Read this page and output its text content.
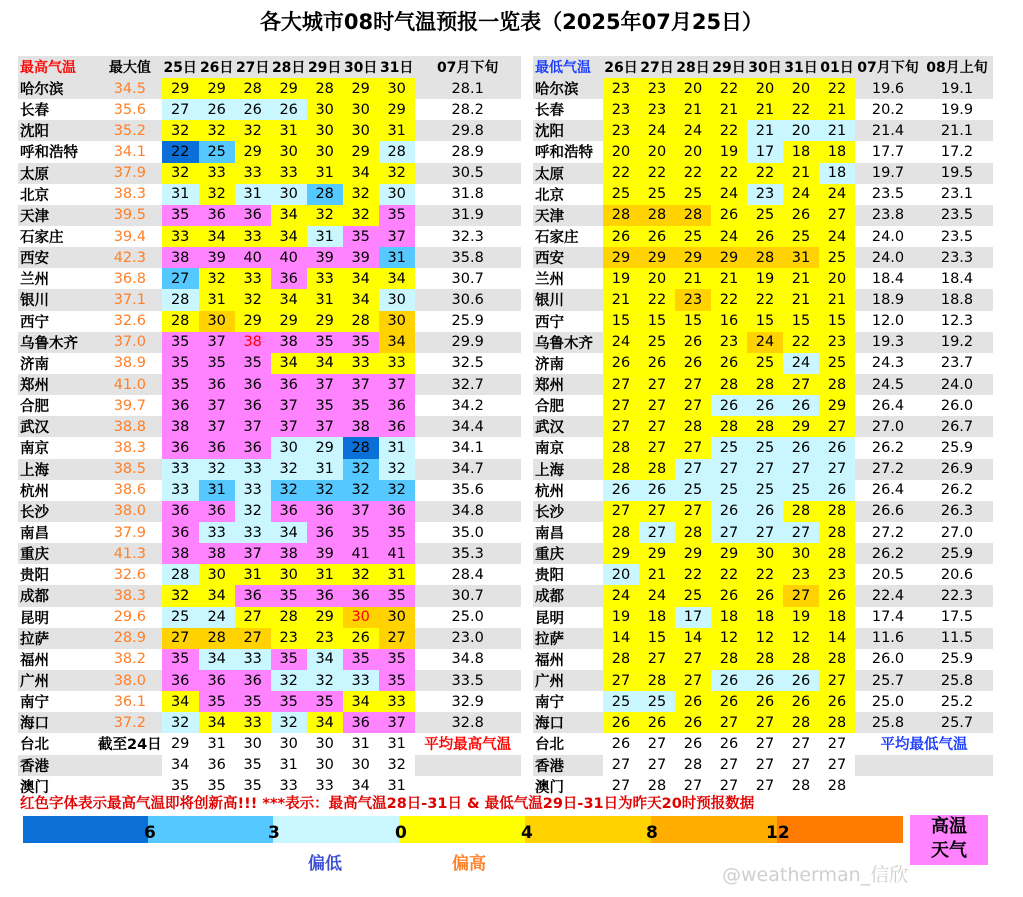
各大城市08时气温预报一览表（2025年07月25日）
最高气温	最大值	25日	26日	27日	28日	29日	30日	31日	07月下旬
哈尔滨	34.5	29	29	28	29	28	29	30	28.1
长春	35.6	27	26	26	26	30	30	29	28.2
沈阳	35.2	32	32	32	31	30	30	31	29.8
呼和浩特	34.1	22	25	29	30	30	29	28	28.9
太原	37.9	32	33	33	33	31	34	32	30.5
北京	38.3	31	32	31	30	28	32	30	31.8
天津	39.5	35	36	36	34	32	32	35	31.9
石家庄	39.4	33	34	33	34	31	35	37	32.3
西安	42.3	38	39	40	40	39	39	31	35.8
兰州	36.8	27	32	33	36	33	34	34	30.7
银川	37.1	28	31	32	34	31	34	30	30.6
西宁	32.6	28	30	29	29	29	28	30	25.9
乌鲁木齐	37.0	35	37	38	38	35	35	34	29.9
济南	38.9	35	35	35	34	34	33	33	32.5
郑州	41.0	35	36	36	36	37	37	37	32.7
合肥	39.7	36	37	36	37	35	35	36	34.2
武汉	38.8	38	37	37	37	37	38	36	34.4
南京	38.3	36	36	36	30	29	28	31	34.1
上海	38.5	33	32	33	32	31	32	32	34.7
杭州	38.6	33	31	33	32	32	32	32	35.6
长沙	38.0	36	36	32	36	36	37	36	34.8
南昌	37.9	36	33	33	34	36	35	35	35.0
重庆	41.3	38	38	37	38	39	41	41	35.3
贵阳	32.6	28	30	31	30	31	32	31	28.4
成都	38.3	32	34	36	35	36	36	35	30.7
昆明	29.6	25	24	27	28	29	30	30	25.0
拉萨	28.9	27	28	27	23	23	26	27	23.0
福州	38.2	35	34	33	35	34	35	35	34.8
广州	38.0	36	36	36	32	32	33	35	33.5
南宁	36.1	34	35	35	35	35	34	33	32.9
海口	37.2	32	34	33	32	34	36	37	32.8
台北	截至24日	29	31	30	30	30	31	31	平均最高气温
香港		34	36	35	31	30	30	32	
澳门		35	35	35	33	33	34	31	
最低气温	26日	27日	28日	29日	30日	31日	01日	07月下旬	08月上旬
哈尔滨	23	23	20	22	20	20	22	19.6	19.1
长春	23	23	21	21	21	22	21	20.2	19.9
沈阳	23	24	24	22	21	20	21	21.4	21.1
呼和浩特	20	20	20	19	17	18	18	17.7	17.2
太原	22	22	22	22	22	21	18	19.7	19.5
北京	25	25	25	24	23	24	24	23.5	23.1
天津	28	28	28	26	25	26	27	23.8	23.5
石家庄	26	26	25	24	26	25	24	24.0	23.5
西安	29	29	29	29	28	31	25	24.0	23.3
兰州	19	20	21	21	19	21	20	18.4	18.4
银川	21	22	23	22	22	21	21	18.9	18.8
西宁	15	15	15	16	15	15	15	12.0	12.3
乌鲁木齐	24	25	26	23	24	22	23	19.3	19.2
济南	26	26	26	26	25	24	25	24.3	23.7
郑州	27	27	27	28	28	27	28	24.5	24.0
合肥	27	27	27	26	26	26	29	26.4	26.0
武汉	27	27	28	28	28	29	27	27.0	26.7
南京	28	27	27	25	25	26	26	26.2	25.9
上海	28	28	27	27	27	27	27	27.2	26.9
杭州	26	26	25	25	25	25	26	26.4	26.2
长沙	27	27	27	26	26	28	28	26.6	26.3
南昌	28	27	28	27	27	27	28	27.2	27.0
重庆	29	29	29	29	30	30	28	26.2	25.9
贵阳	20	21	22	22	22	23	23	20.5	20.6
成都	24	24	25	26	26	27	26	22.4	22.3
昆明	19	18	17	18	18	19	18	17.4	17.5
拉萨	14	15	14	12	12	12	14	11.6	11.5
福州	28	27	27	28	28	28	28	26.0	25.9
广州	27	28	27	26	26	26	27	25.7	25.8
南宁	25	25	26	26	26	26	26	25.0	25.2
海口	26	26	26	27	27	28	28	25.8	25.7
台北	26	27	26	26	27	27	27	平均最低气温	
香港	27	27	28	27	27	27	27		
澳门	27	28	27	27	27	28	28		
红色字体表示最高气温即将创新高!!! ***表示：最高气温28日-31日 & 最低气温29日-31日为昨天20时预报数据
6	3	0	4	8	12
偏低	偏高
高温
天气
@weatherman_信欣
